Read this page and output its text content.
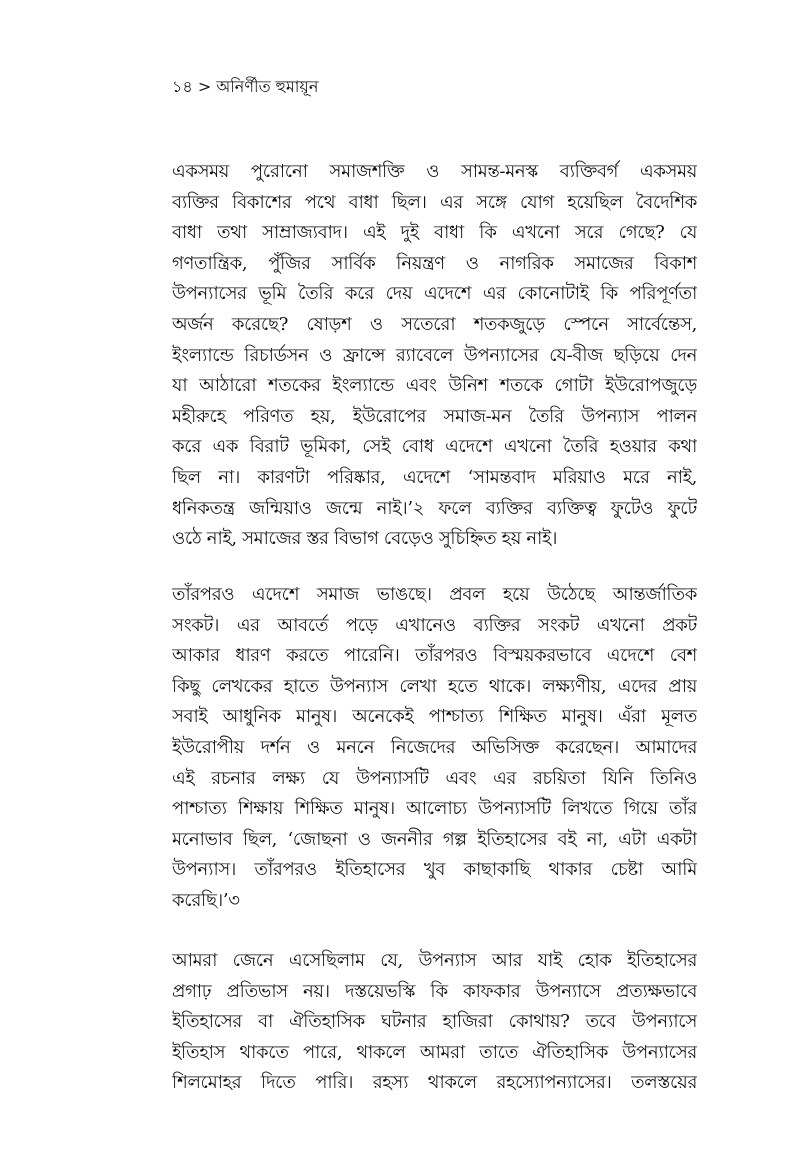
১৪ > অনির্ণীত হুমায়ূন
একসময় পুরোনো সমাজশক্তি ও সামন্ত-মনস্ক ব্যক্তিবর্গ একসময়
ব্যক্তির বিকাশের পথে বাধা ছিল। এর সঙ্গে যোগ হয়েছিল বৈদেশিক
বাধা তথা সাম্রাজ্যবাদ। এই দুই বাধা কি এখনো সরে গেছে? যে
গণতান্ত্রিক, পুঁজির সার্বিক নিয়ন্ত্রণ ও নাগরিক সমাজের বিকাশ
উপন্যাসের ভূমি তৈরি করে দেয় এদেশে এর কোনোটাই কি পরিপূর্ণতা
অর্জন করেছে? ষোড়শ ও সতেরো শতকজুড়ে স্পেনে সার্বেন্তেস,
ইংল্যান্ডে রিচার্ডসন ও ফ্রান্সে র‍্যাবেলে উপন্যাসের যে-বীজ ছড়িয়ে দেন
যা আঠারো শতকের ইংল্যান্ডে এবং উনিশ শতকে গোটা ইউরোপজুড়ে
মহীরুহে পরিণত হয়, ইউরোপের সমাজ-মন তৈরি উপন্যাস পালন
করে এক বিরাট ভূমিকা, সেই বোধ এদেশে এখনো তৈরি হওয়ার কথা
ছিল না। কারণটা পরিষ্কার, এদেশে ‘সামন্তবাদ মরিয়াও মরে নাই,
ধনিকতন্ত্র জন্মিয়াও জন্মে নাই।’২ ফলে ব্যক্তির ব্যক্তিত্ব ফুটেও ফুটে
ওঠে নাই, সমাজের স্তর বিভাগ বেড়েও সুচিহ্নিত হয় নাই।
তাঁরপরও এদেশে সমাজ ভাঙছে। প্রবল হয়ে উঠেছে আন্তর্জাতিক
সংকট। এর আবর্তে পড়ে এখানেও ব্যক্তির সংকট এখনো প্রকট
আকার ধারণ করতে পারেনি। তাঁরপরও বিস্ময়করভাবে এদেশে বেশ
কিছু লেখকের হাতে উপন্যাস লেখা হতে থাকে। লক্ষ্যণীয়, এদের প্রায়
সবাই আধুনিক মানুষ। অনেকেই পাশ্চাত্য শিক্ষিত মানুষ। এঁরা মূলত
ইউরোপীয় দর্শন ও মননে নিজেদের অভিসিক্ত করেছেন। আমাদের
এই রচনার লক্ষ্য যে উপন্যাসটি এবং এর রচয়িতা যিনি তিনিও
পাশ্চাত্য শিক্ষায় শিক্ষিত মানুষ। আলোচ্য উপন্যাসটি লিখতে গিয়ে তাঁর
মনোভাব ছিল, ‘জোছনা ও জননীর গল্প ইতিহাসের বই না, এটা একটা
উপন্যাস। তাঁরপরও ইতিহাসের খুব কাছাকাছি থাকার চেষ্টা আমি
করেছি।’৩
আমরা জেনে এসেছিলাম যে, উপন্যাস আর যাই হোক ইতিহাসের
প্রগাঢ় প্রতিভাস নয়। দস্তয়েভস্কি কি কাফকার উপন্যাসে প্রত্যক্ষভাবে
ইতিহাসের বা ঐতিহাসিক ঘটনার হাজিরা কোথায়? তবে উপন্যাসে
ইতিহাস থাকতে পারে, থাকলে আমরা তাতে ঐতিহাসিক উপন্যাসের
শিলমোহর দিতে পারি। রহস্য থাকলে রহস্যোপন্যাসের। তলস্তয়ের
